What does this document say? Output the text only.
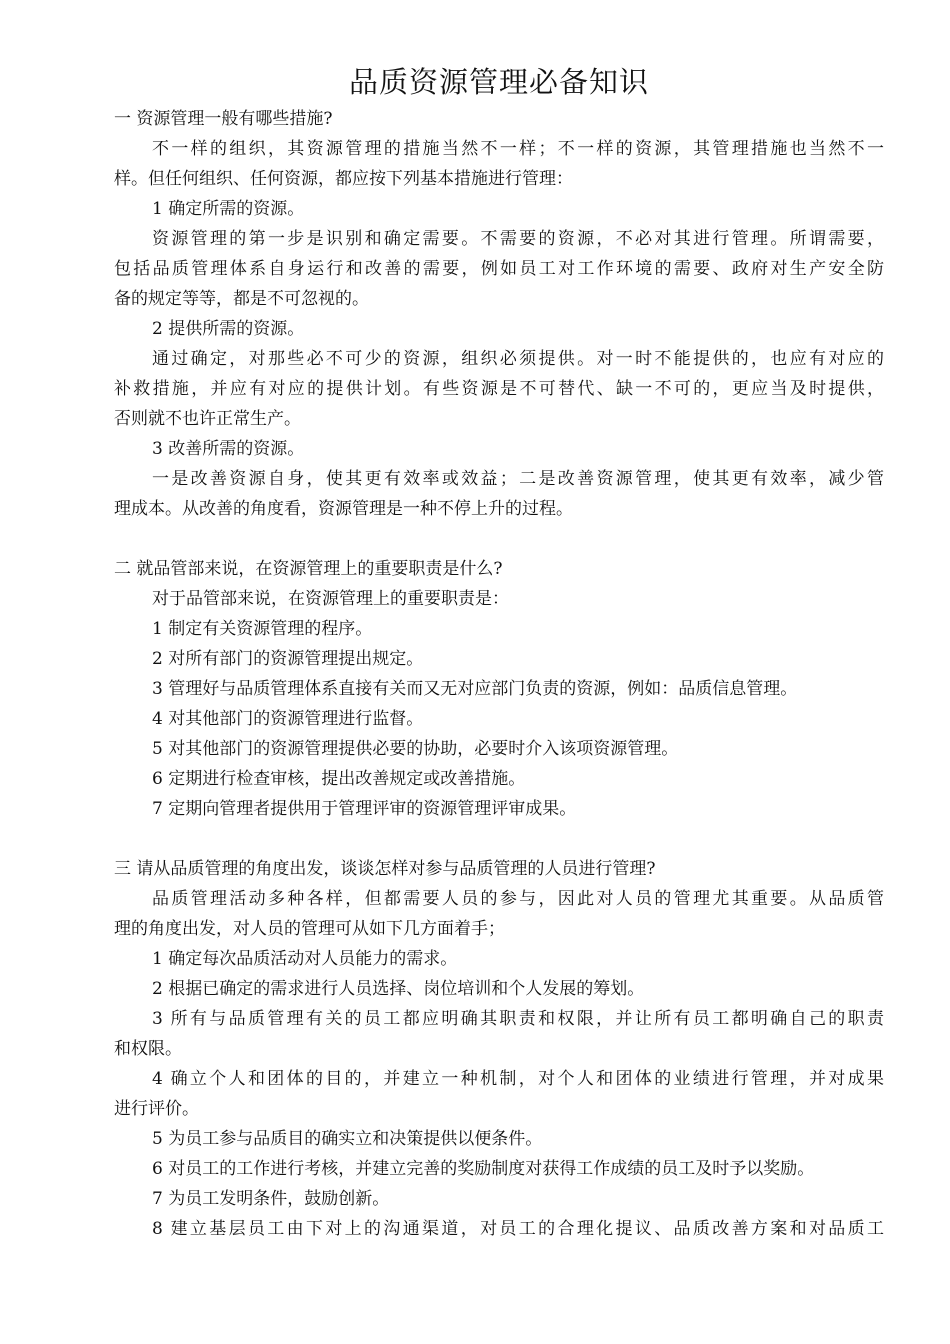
品质资源管理必备知识

一 资源管理一般有哪些措施?

不一样的组织，其资源管理的措施当然不一样；不一样的资源，其管理措施也当然不一

样。但任何组织、任何资源，都应按下列基本措施进行管理：

1 确定所需的资源。

资源管理的第一步是识别和确定需要。不需要的资源，不必对其进行管理。所谓需要，

包括品质管理体系自身运行和改善的需要，例如员工对工作环境的需要、政府对生产安全防

备的规定等等，都是不可忽视的。

2 提供所需的资源。

通过确定，对那些必不可少的资源，组织必须提供。对一时不能提供的，也应有对应的

补救措施，并应有对应的提供计划。有些资源是不可替代、缺一不可的，更应当及时提供，

否则就不也许正常生产。

3 改善所需的资源。

一是改善资源自身，使其更有效率或效益；二是改善资源管理，使其更有效率，减少管

理成本。从改善的角度看，资源管理是一种不停上升的过程。

二 就品管部来说，在资源管理上的重要职责是什么?

对于品管部来说，在资源管理上的重要职责是：

1 制定有关资源管理的程序。

2 对所有部门的资源管理提出规定。

3 管理好与品质管理体系直接有关而又无对应部门负责的资源，例如：品质信息管理。

4 对其他部门的资源管理进行监督。

5 对其他部门的资源管理提供必要的协助，必要时介入该项资源管理。

6 定期进行检查审核，提出改善规定或改善措施。

7 定期向管理者提供用于管理评审的资源管理评审成果。

三 请从品质管理的角度出发，谈谈怎样对参与品质管理的人员进行管理?

品质管理活动多种各样，但都需要人员的参与，因此对人员的管理尤其重要。从品质管

理的角度出发，对人员的管理可从如下几方面着手；

1 确定每次品质活动对人员能力的需求。

2 根据已确定的需求进行人员选择、岗位培训和个人发展的筹划。

3 所有与品质管理有关的员工都应明确其职责和权限，并让所有员工都明确自己的职责

和权限。

4 确立个人和团体的目的，并建立一种机制，对个人和团体的业绩进行管理，并对成果

进行评价。

5 为员工参与品质目的确实立和决策提供以便条件。

6 对员工的工作进行考核，并建立完善的奖励制度对获得工作成绩的员工及时予以奖励。

7 为员工发明条件，鼓励创新。

8 建立基层员工由下对上的沟通渠道，对员工的合理化提议、品质改善方案和对品质工
